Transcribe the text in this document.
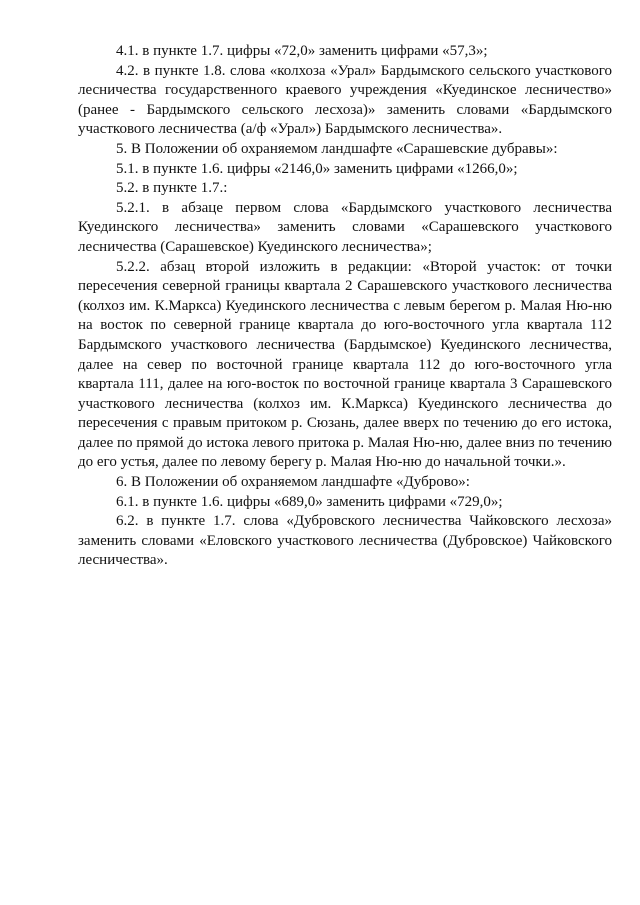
4.1. в пункте 1.7. цифры «72,0» заменить цифрами «57,3»;

4.2. в пункте 1.8. слова «колхоза «Урал» Бардымского сельского участкового лесничества государственного краевого учреждения «Куединское лесничество» (ранее - Бардымского сельского лесхоза)» заменить словами «Бардымского участкового лесничества (а/ф «Урал») Бардымского лесничества».

5. В Положении об охраняемом ландшафте «Сарашевские дубравы»:

5.1. в пункте 1.6. цифры «2146,0» заменить цифрами «1266,0»;

5.2. в пункте 1.7.:

5.2.1. в абзаце первом слова «Бардымского участкового лесничества Куединского лесничества» заменить словами «Сарашевского участкового лесничества (Сарашевское) Куединского лесничества»;

5.2.2. абзац второй изложить в редакции: «Второй участок: от точки пересечения северной границы квартала 2 Сарашевского участкового лесничества (колхоз им. К.Маркса) Куединского лесничества с левым берегом р. Малая Ню-ню на восток по северной границе квартала до юго-восточного угла квартала 112 Бардымского участкового лесничества (Бардымское) Куединского лесничества, далее на север по восточной границе квартала 112 до юго-восточного угла квартала 111, далее на юго-восток по восточной границе квартала 3 Сарашевского участкового лесничества (колхоз им. К.Маркса) Куединского лесничества до пересечения с правым притоком р. Сюзань, далее вверх по течению до его истока, далее по прямой до истока левого притока р. Малая Ню-ню, далее вниз по течению до его устья, далее по левому берегу р. Малая Ню-ню до начальной точки.».

6. В Положении об охраняемом ландшафте «Дуброво»:

6.1. в пункте 1.6. цифры «689,0» заменить цифрами «729,0»;

6.2. в пункте 1.7. слова «Дубровского лесничества Чайковского лесхоза» заменить словами «Еловского участкового лесничества (Дубровское) Чайковского лесничества».
